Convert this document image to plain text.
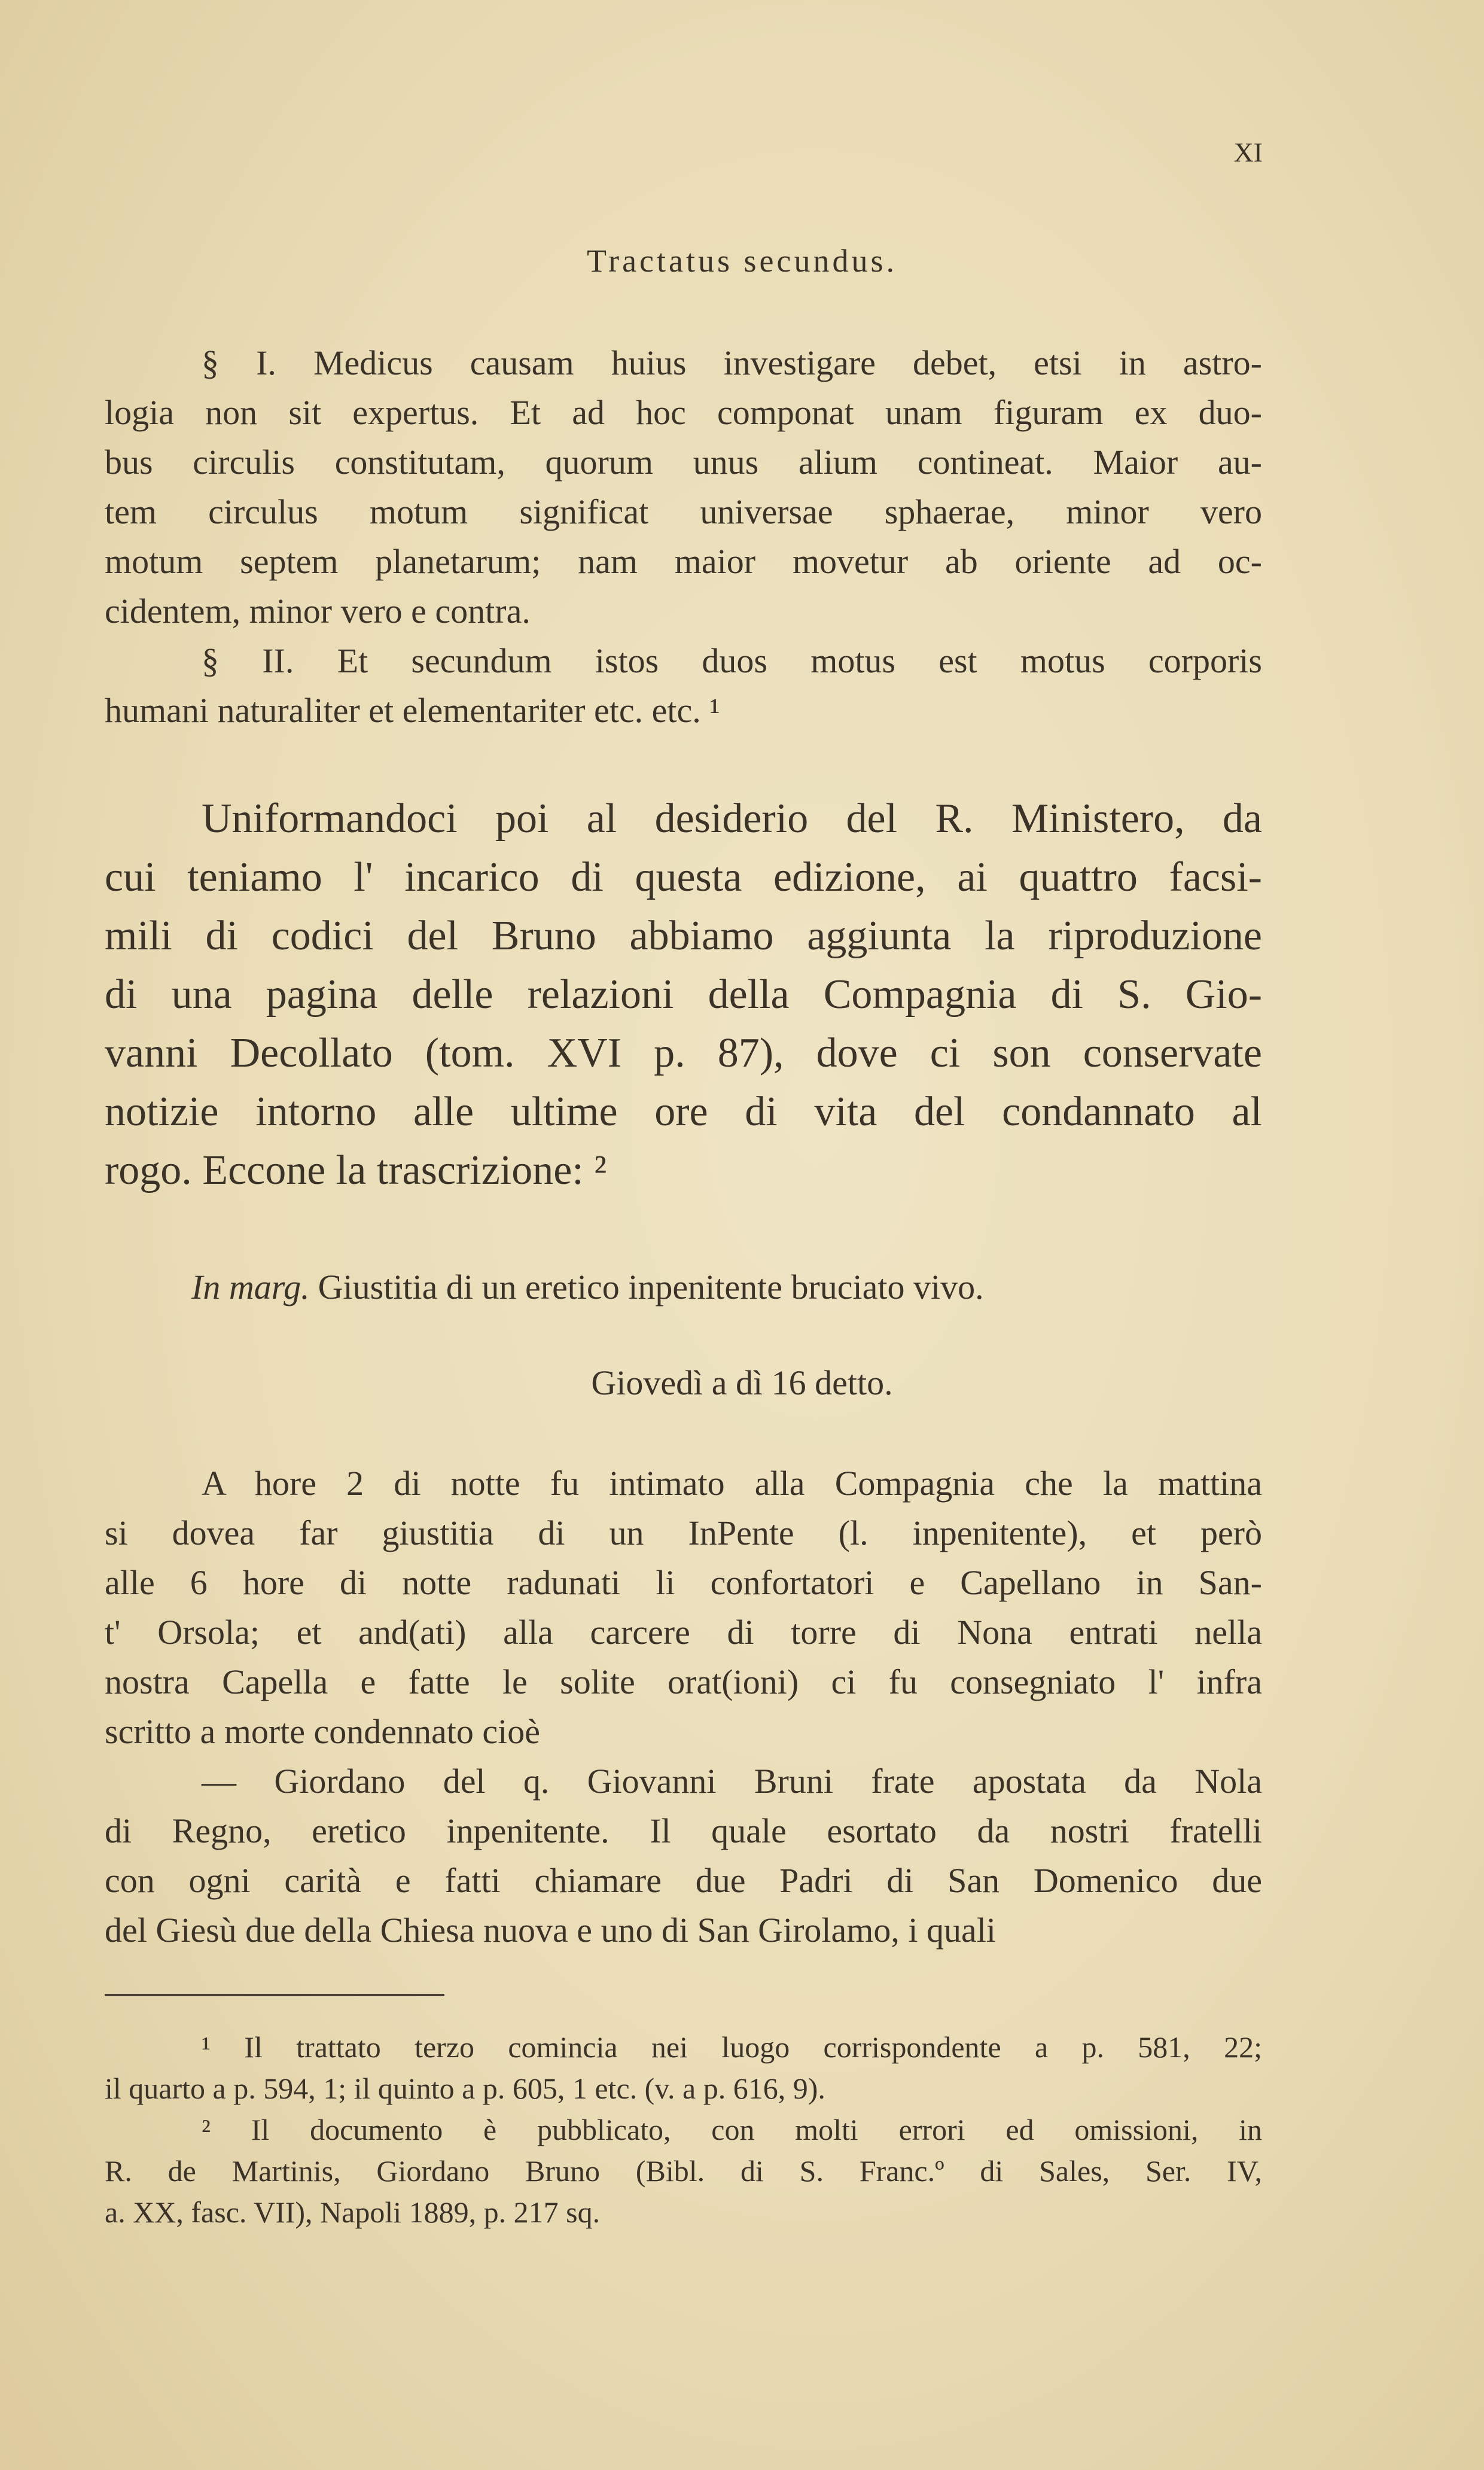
XI
Tractatus secundus.
§ I. Medicus causam huius investigare debet, etsi in astro-
logia non sit expertus. Et ad hoc componat unam figuram ex duo-
bus circulis constitutam, quorum unus alium contineat. Maior au-
tem circulus motum significat universae sphaerae, minor vero
motum septem planetarum; nam maior movetur ab oriente ad oc-
cidentem, minor vero e contra.
§ II. Et secundum istos duos motus est motus corporis
humani naturaliter et elementariter etc. etc. ¹
Uniformandoci poi al desiderio del R. Ministero, da
cui teniamo l' incarico di questa edizione, ai quattro facsi-
mili di codici del Bruno abbiamo aggiunta la riproduzione
di una pagina delle relazioni della Compagnia di S. Gio-
vanni Decollato (tom. XVI p. 87), dove ci son conservate
notizie intorno alle ultime ore di vita del condannato al
rogo. Eccone la trascrizione: ²
In marg. Giustitia di un eretico inpenitente bruciato vivo.
Giovedì a dì 16 detto.
A hore 2 di notte fu intimato alla Compagnia che la mattina
si dovea far giustitia di un InPente (l. inpenitente), et però
alle 6 hore di notte radunati li confortatori e Capellano in San-
t' Orsola; et and(ati) alla carcere di torre di Nona entrati nella
nostra Capella e fatte le solite orat(ioni) ci fu consegniato l' infra
scritto a morte condennato cioè
— Giordano del q. Giovanni Bruni frate apostata da Nola
di Regno, eretico inpenitente. Il quale esortato da nostri fratelli
con ogni carità e fatti chiamare due Padri di San Domenico due
del Giesù due della Chiesa nuova e uno di San Girolamo, i quali
¹ Il trattato terzo comincia nei luogo corrispondente a p. 581, 22;
il quarto a p. 594, 1; il quinto a p. 605, 1 etc. (v. a p. 616, 9).
² Il documento è pubblicato, con molti errori ed omissioni, in
R. de Martinis, Giordano Bruno (Bibl. di S. Franc.º di Sales, Ser. IV,
a. XX, fasc. VII), Napoli 1889, p. 217 sq.
